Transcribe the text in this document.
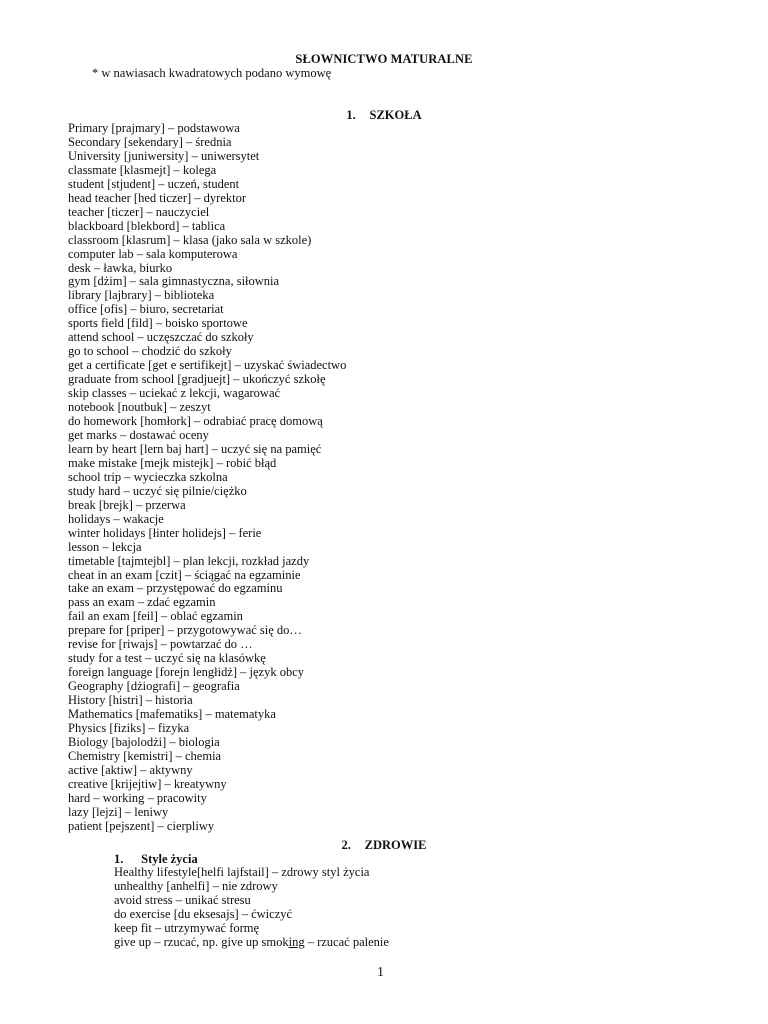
SŁOWNICTWO MATURALNE
* w nawiasach kwadratowych podano wymowę
1. SZKOŁA
Primary [prajmary] – podstawowa
Secondary [sekendary] – średnia
University [juniwersity] – uniwersytet
classmate [klasmejt] – kolega
student [stjudent] – uczeń, student
head teacher [hed ticzer] – dyrektor
teacher [ticzer] – nauczyciel
blackboard [blekbord] – tablica
classroom [klasrum] – klasa (jako sala w szkole)
computer lab – sala komputerowa
desk – ławka, biurko
gym [dżim] – sala gimnastyczna, siłownia
library [lajbrary] – biblioteka
office [ofis] – biuro, secretariat
sports field [fild] – boisko sportowe
attend school – uczęszczać do szkoły
go to school – chodzić do szkoły
get a certificate [get e sertifikejt] – uzyskać świadectwo
graduate from school [gradjuejt] – ukończyć szkołę
skip classes – uciekać z lekcji, wagarować
notebook [noutbuk] – zeszyt
do homework [homłork] – odrabiać pracę domową
get marks – dostawać oceny
learn by heart [lern baj hart] – uczyć się na pamięć
make mistake [mejk mistejk] – robić błąd
school trip – wycieczka szkolna
study hard – uczyć się pilnie/ciężko
break [brejk] – przerwa
holidays – wakacje
winter holidays [łinter holidejs] – ferie
lesson – lekcja
timetable [tajmtejbl] – plan lekcji, rozkład jazdy
cheat in an exam [czit] – ściągać na egzaminie
take an exam – przystępować do egzaminu
pass an exam – zdać egzamin
fail an exam [feil] – oblać egzamin
prepare for [priper] – przygotowywać się do…
revise for [riwajs] – powtarzać do …
study for a test – uczyć się na klasówkę
foreign language [forejn lengłidż] – język obcy
Geography [dżiografi] – geografia
History [histri] – historia
Mathematics [mafematiks] – matematyka
Physics [fiziks] – fizyka
Biology [bajolodżi] – biologia
Chemistry [kemistri] – chemia
active [aktiw] – aktywny
creative [krijejtiw] – kreatywny
hard – working – pracowity
lazy [lejzi] – leniwy
patient [pejszent] – cierpliwy
2. ZDROWIE
1. Style życia
Healthy lifestyle[helfi lajfstail] – zdrowy styl życia
unhealthy [anhelfi] – nie zdrowy
avoid stress – unikać stresu
do exercise [du eksesajs] – ćwiczyć
keep fit – utrzymywać formę
give up – rzucać, np. give up smoking – rzucać palenie
1
